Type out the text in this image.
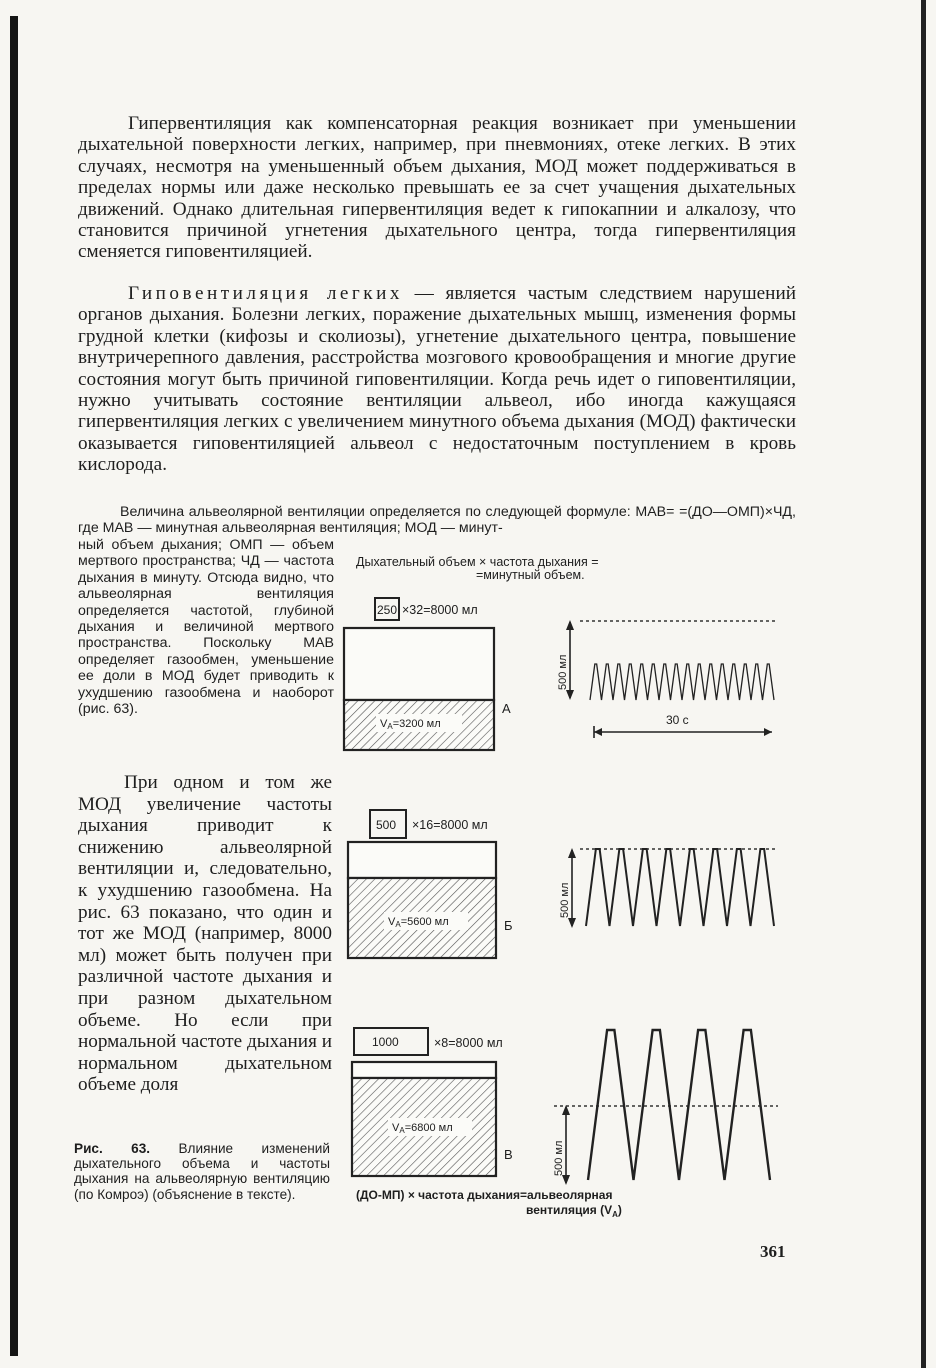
Гипервентиляция как компенсаторная реакция возникает при уменьшении дыхательной поверхности легких, например, при пневмониях, отеке легких. В этих случаях, несмотря на уменьшенный объем дыхания, МОД может поддерживаться в пределах нормы или даже несколько превышать ее за счет учащения дыхательных движений. Однако длительная гипервентиляция ведет к гипокапнии и алкалозу, что становится причиной угнетения дыхательного центра, тогда гипервентиляция сменяется гиповентиляцией.

Гиповентиляция легких — является частым следствием нарушений органов дыхания. Болезни легких, поражение дыхательных мышц, изменения формы грудной клетки (кифозы и сколиозы), угнетение дыхательного центра, повышение внутричерепного давления, расстройства мозгового кровообращения и многие другие состояния могут быть причиной гиповентиляции. Когда речь идет о гиповентиляции, нужно учитывать состояние вентиляции альвеол, ибо иногда кажущаяся гипервентиляция легких с увеличением минутного объема дыхания (МОД) фактически оказывается гиповентиляцией альвеол с недостаточным поступлением в кровь кислорода.

Величина альвеолярной вентиляции определяется по следующей формуле: МАВ= =(ДО—ОМП)×ЧД, где МАВ — минутная альвеолярная вентиляция; МОД — минут-

ный объем дыхания; ОМП — объем мертвого пространства; ЧД — частота дыхания в минуту. Отсюда видно, что альвеолярная вентиляция определяется частотой, глубиной дыхания и величиной мертвого пространства. Поскольку МАВ определяет газообмен, уменьшение ее доли в МОД будет приводить к ухудшению газообмена и наоборот (рис. 63).

При одном и том же МОД увеличение частоты дыхания приводит к снижению альвеолярной вентиляции и, следовательно, к ухудшению газообмена. На рис. 63 показано, что один и тот же МОД (например, 8000 мл) может быть получен при различной частоте дыхания и при разном дыхательном объеме. Но если при нормальной частоте дыхания и нормальном дыхательном объеме доля

Рис. 63. Влияние изменений дыхательного объема и частоты дыхания на альвеолярную вентиляцию (по Комроэ) (объяснение в тексте).

361
Дыхательный объем × частота дыхания =
=минутный объем.
250 ×32=8000 мл
VA=3200 мл
А
500 ×16=8000 мл
VA=5600 мл	Б
1000	×8=8000 мл
VA=6800 мл
В
500 мл
30 с
500 мл
500 мл
(ДО-МП) × частота дыхания=альвеолярная
вентиляция $(V_A)$
